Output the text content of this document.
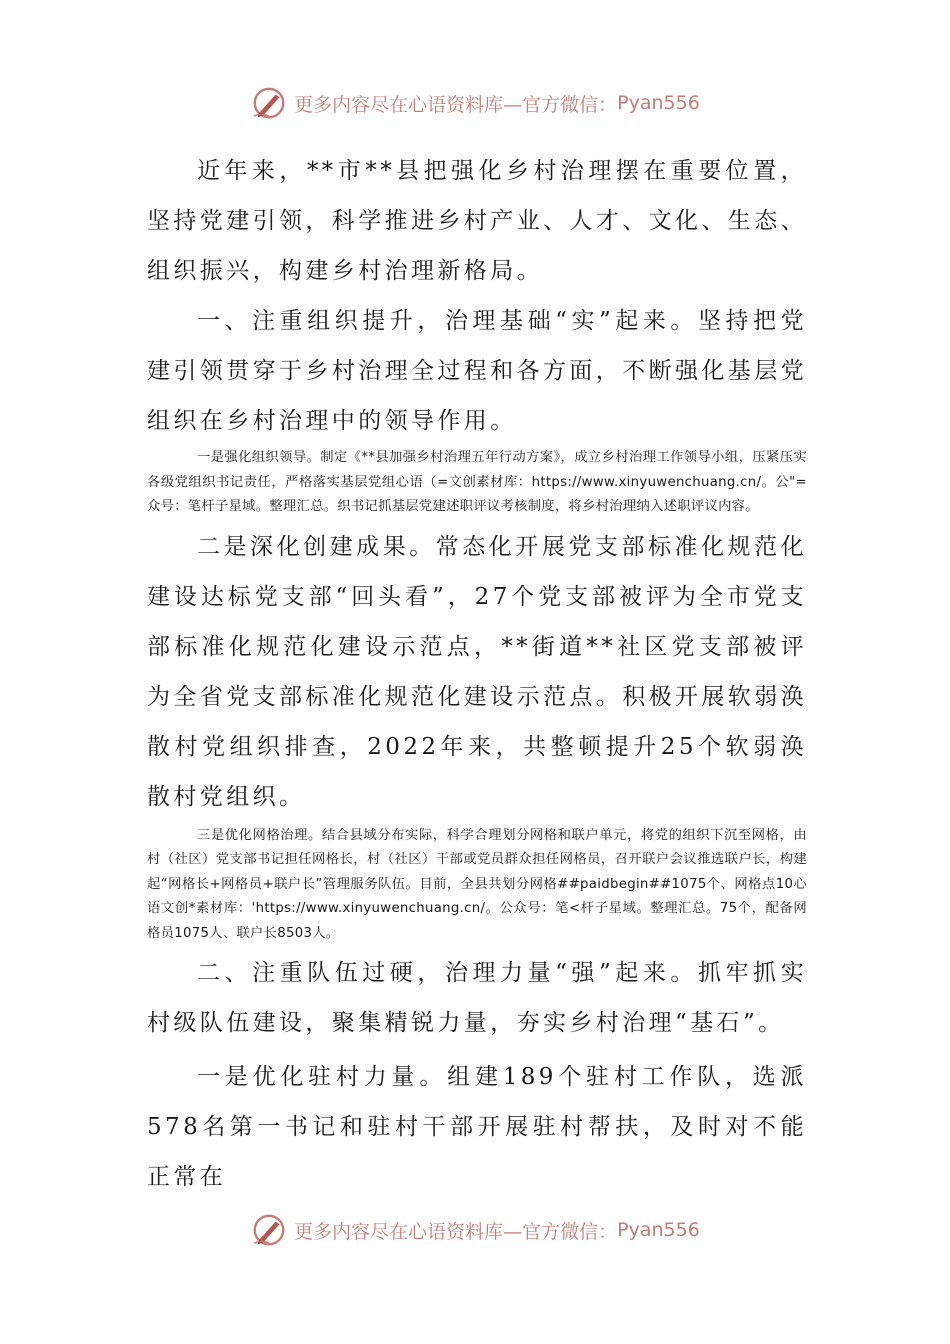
更多内容尽在心语资料库—官方微信： Pyan556

近年来，**市**县把强化乡村治理摆在重要位置，坚持党建引领，科学推进乡村产业、人才、文化、生态、组织振兴，构建乡村治理新格局。

一、注重组织提升，治理基础“实”起来。坚持把党建引领贯穿于乡村治理全过程和各方面，不断强化基层党组织在乡村治理中的领导作用。

一是强化组织领导。制定《**县加强乡村治理五年行动方案》，成立乡村治理工作领导小组，压紧压实各级党组织书记责任，严格落实基层党组心语（=文创素材库：https://www.xinyuwenchuang.cn/。公"=众号：笔杆子星域。整理汇总。织书记抓基层党建述职评议考核制度，将乡村治理纳入述职评议内容。

二是深化创建成果。常态化开展党支部标准化规范化建设达标党支部“回头看”，27个党支部被评为全市党支部标准化规范化建设示范点，**街道**社区党支部被评为全省党支部标准化规范化建设示范点。积极开展软弱涣散村党组织排查，2022年来，共整顿提升25个软弱涣散村党组织。

三是优化网格治理。结合县域分布实际，科学合理划分网格和联户单元，将党的组织下沉至网格，由村（社区）党支部书记担任网格长，村（社区）干部或党员群众担任网格员，召开联户会议推选联户长，构建起“网格长+网格员+联户长”管理服务队伍。目前，全县共划分网格##paidbegin##1075个、网格点10心语文创*素材库：'https://www.xinyuwenchuang.cn/。公众号：笔<杆子星域。整理汇总。75个，配备网格员1075人、联户长8503人。

二、注重队伍过硬，治理力量“强”起来。抓牢抓实村级队伍建设，聚集精锐力量，夯实乡村治理“基石”。

一是优化驻村力量。组建189个驻村工作队，选派578名第一书记和驻村干部开展驻村帮扶，及时对不能正常在

更多内容尽在心语资料库—官方微信： Pyan556
